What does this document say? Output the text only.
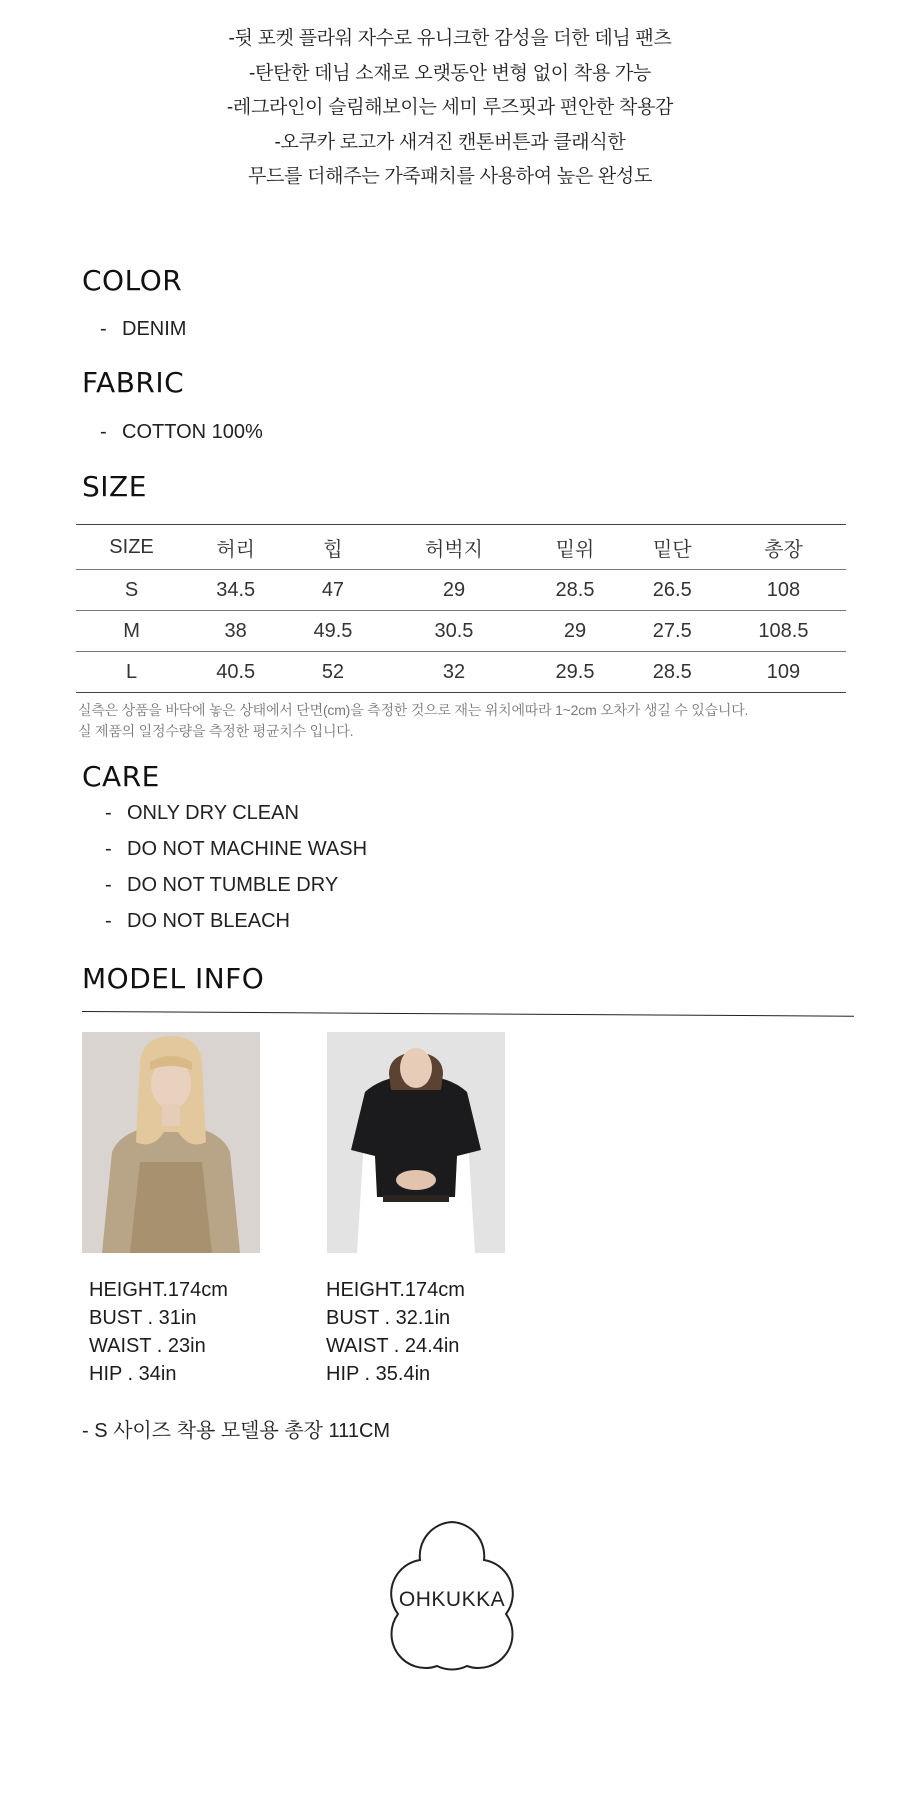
-뒷 포켓 플라워 자수로 유니크한 감성을 더한 데님 팬츠
-탄탄한 데님 소재로 오랫동안 변형 없이 착용 가능
-레그라인이 슬림해보이는 세미 루즈핏과 편안한 착용감
-오쿠카 로고가 새겨진 캔톤버튼과 클래식한
무드를 더해주는 가죽패치를 사용하여 높은 완성도
COLOR
- DENIM
FABRIC
- COTTON 100%
SIZE
SIZE	허리	힙	허벅지	밑위	밑단	총장
S	34.5	47	29	28.5	26.5	108
M	38	49.5	30.5	29	27.5	108.5
L	40.5	52	32	29.5	28.5	109
실측은 상품을 바닥에 놓은 상태에서 단면(cm)을 측정한 것으로 재는 위치에따라 1~2cm 오차가 생길 수 있습니다.
실 제품의 일정수량을 측정한 평균치수 입니다.
CARE
- ONLY DRY CLEAN
- DO NOT MACHINE WASH
- DO NOT TUMBLE DRY
- DO NOT BLEACH
MODEL INFO
HEIGHT.174cm
BUST . 31in
WAIST . 23in
HIP . 34in
HEIGHT.174cm
BUST . 32.1in
WAIST . 24.4in
HIP . 35.4in
- S 사이즈 착용 모델용 총장 111CM
OHKUKKA
